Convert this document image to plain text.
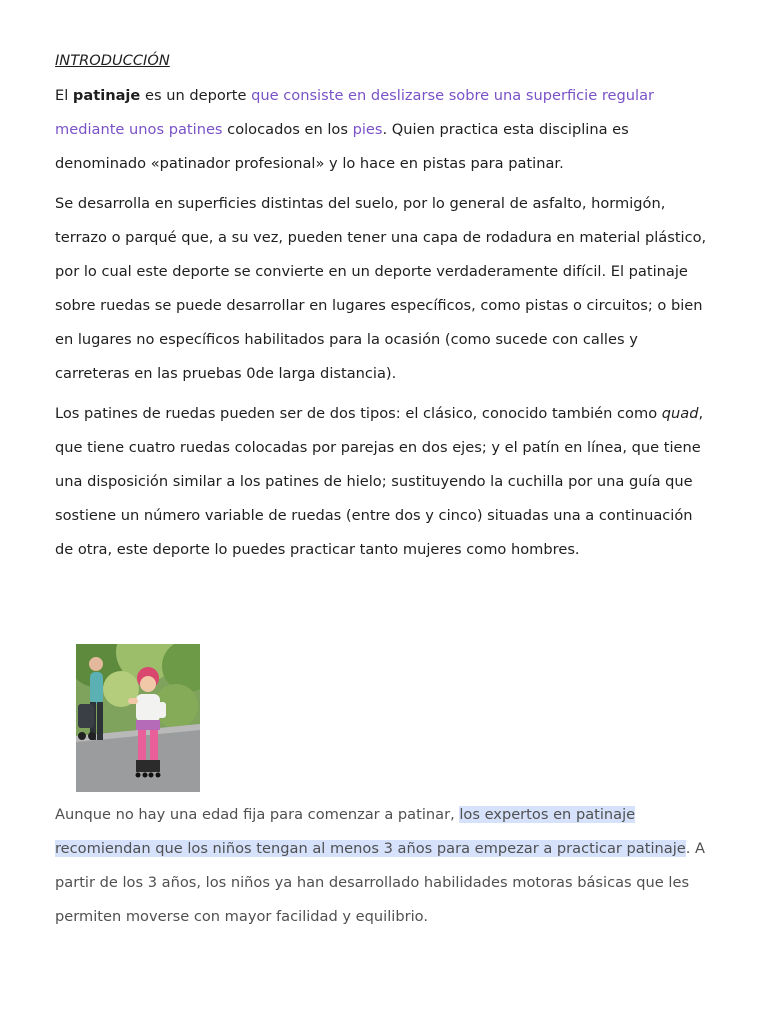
INTRODUCCIÓN

El patinaje es un deporte que consiste en deslizarse sobre una superficie regular mediante unos patines colocados en los pies. Quien practica esta disciplina es denominado «patinador profesional» y lo hace en pistas para patinar.

Se desarrolla en superficies distintas del suelo, por lo general de asfalto, hormigón, terrazo o parqué que, a su vez, pueden tener una capa de rodadura en material plástico, por lo cual este deporte se convierte en un deporte verdaderamente difícil. El patinaje sobre ruedas se puede desarrollar en lugares específicos, como pistas o circuitos; o bien en lugares no específicos habilitados para la ocasión (como sucede con calles y carreteras en las pruebas 0de larga distancia).

Los patines de ruedas pueden ser de dos tipos: el clásico, conocido también como quad, que tiene cuatro ruedas colocadas por parejas en dos ejes; y el patín en línea, que tiene una disposición similar a los patines de hielo; sustituyendo la cuchilla por una guía que sostiene un número variable de ruedas (entre dos y cinco) situadas una a continuación de otra, este deporte lo puedes practicar tanto mujeres como hombres.

Aunque no hay una edad fija para comenzar a patinar, los expertos en patinaje recomiendan que los niños tengan al menos 3 años para empezar a practicar patinaje. A partir de los 3 años, los niños ya han desarrollado habilidades motoras básicas que les permiten moverse con mayor facilidad y equilibrio.
